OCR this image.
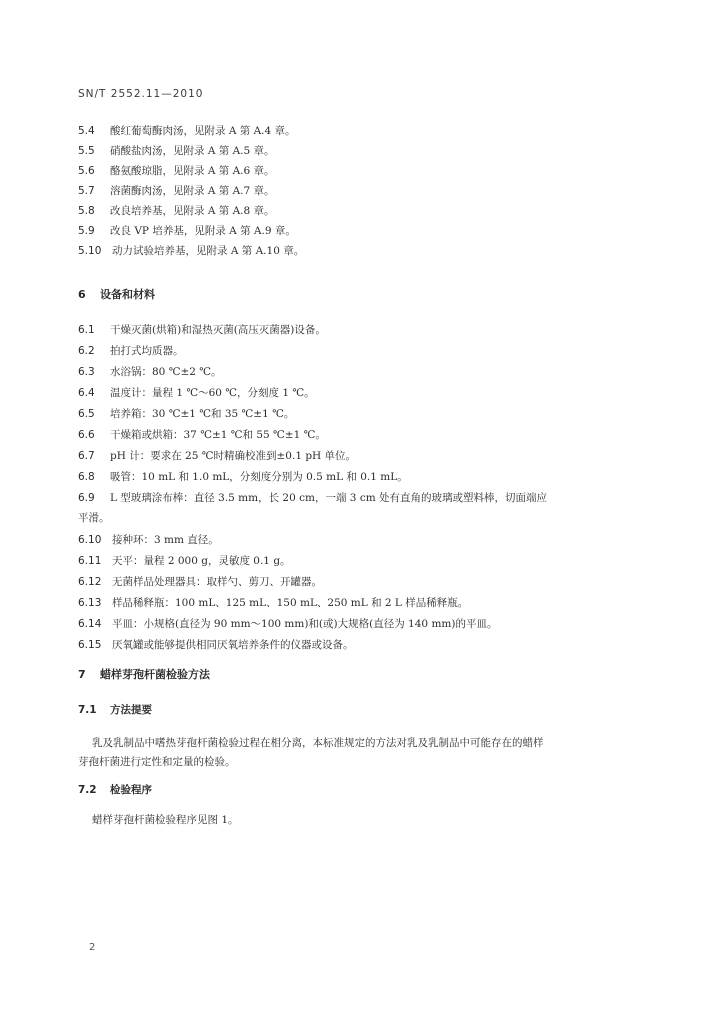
SN/T 2552.11—2010
5.4 酸红葡萄酶肉汤，见附录 A 第 A.4 章。
5.5 硝酸盐肉汤，见附录 A 第 A.5 章。
5.6 酪氨酸琼脂，见附录 A 第 A.6 章。
5.7 溶菌酶肉汤，见附录 A 第 A.7 章。
5.8 改良培养基，见附录 A 第 A.8 章。
5.9 改良 VP 培养基，见附录 A 第 A.9 章。
5.10 动力试验培养基，见附录 A 第 A.10 章。
6 设备和材料
6.1 干燥灭菌(烘箱)和湿热灭菌(高压灭菌器)设备。
6.2 拍打式均质器。
6.3 水浴锅：80 ℃±2 ℃。
6.4 温度计：量程 1 ℃～60 ℃，分刻度 1 ℃。
6.5 培养箱：30 ℃±1 ℃和 35 ℃±1 ℃。
6.6 干燥箱或烘箱：37 ℃±1 ℃和 55 ℃±1 ℃。
6.7 pH 计：要求在 25 ℃时精确校准到±0.1 pH 单位。
6.8 吸管：10 mL 和 1.0 mL，分刻度分别为 0.5 mL 和 0.1 mL。
6.9 L 型玻璃涂布棒：直径 3.5 mm，长 20 cm，一端 3 cm 处有直角的玻璃或塑料棒，切面端应
平滑。
6.10 接种环：3 mm 直径。
6.11 天平：量程 2 000 g，灵敏度 0.1 g。
6.12 无菌样品处理器具：取样勺、剪刀、开罐器。
6.13 样品稀释瓶：100 mL、125 mL、150 mL、250 mL 和 2 L 样品稀释瓶。
6.14 平皿：小规格(直径为 90 mm～100 mm)和(或)大规格(直径为 140 mm)的平皿。
6.15 厌氧罐或能够提供相同厌氧培养条件的仪器或设备。
7 蜡样芽孢杆菌检验方法
7.1 方法提要
乳及乳制品中嗜热芽孢杆菌检验过程在相分离，本标准规定的方法对乳及乳制品中可能存在的蜡样
芽孢杆菌进行定性和定量的检验。
7.2 检验程序
蜡样芽孢杆菌检验程序见图 1。
2
